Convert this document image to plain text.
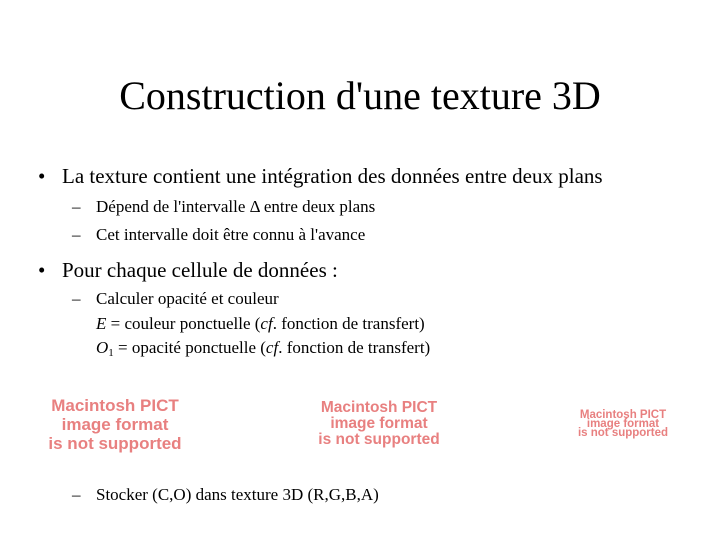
Construction d'une texture 3D
• La texture contient une intégration des données entre deux plans
– Dépend de l'intervalle Δ entre deux plans
– Cet intervalle doit être connu à l'avance
• Pour chaque cellule de données :
– Calculer opacité et couleur
E = couleur ponctuelle (cf. fonction de transfert)
$O_1$ = opacité ponctuelle (cf. fonction de transfert)
Macintosh PICT
image format
is not supported
Macintosh PICT
image format
is not supported
Macintosh PICT
image format
is not supported
– Stocker (C,O) dans texture 3D (R,G,B,A)
